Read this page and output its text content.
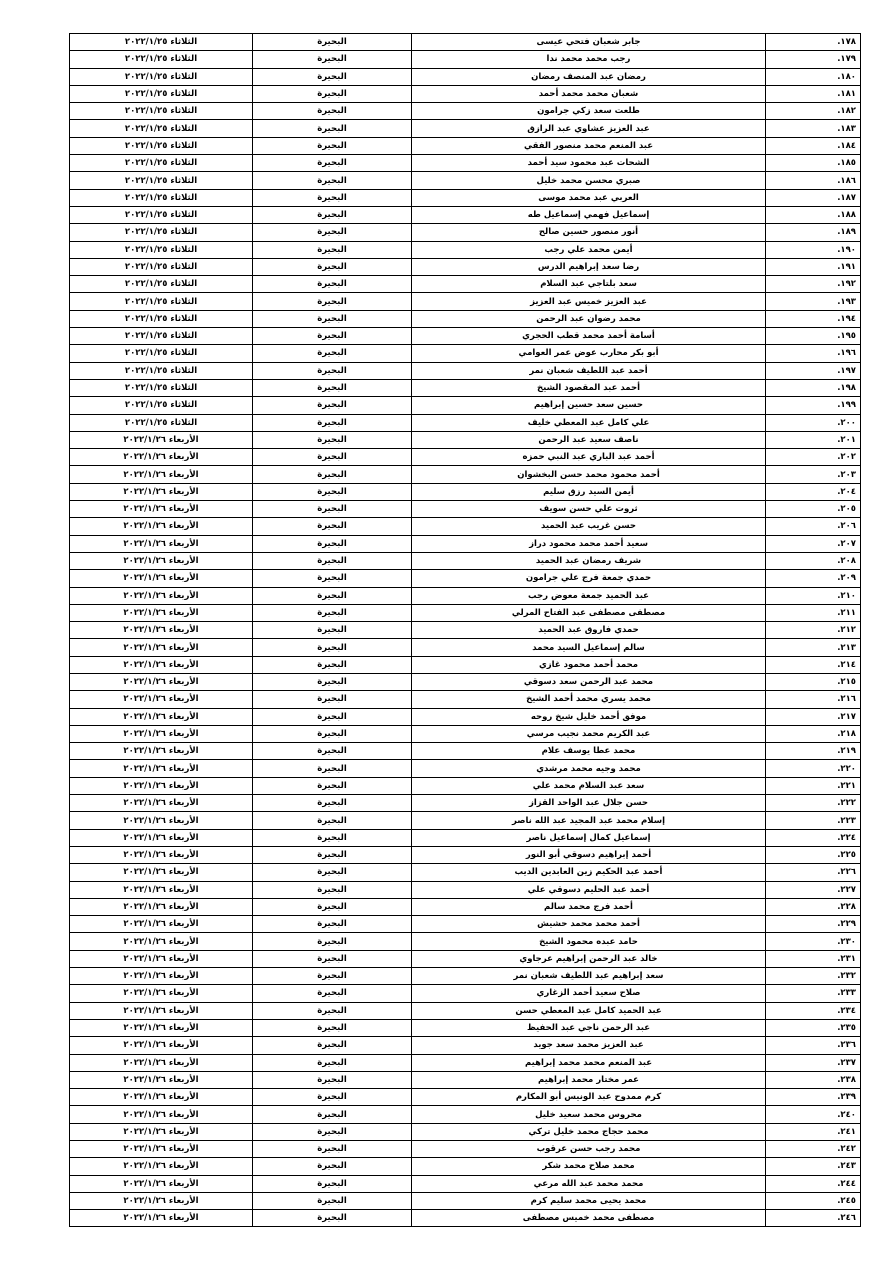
١٧٨.	جابر شعبان فتحي عيسى	البحيرة	الثلاثاء ٢٠٢٢/١/٢٥
١٧٩.	رجب محمد محمد ندا	البحيرة	الثلاثاء ٢٠٢٢/١/٢٥
١٨٠.	رمضان عبد المنصف رمضان	البحيرة	الثلاثاء ٢٠٢٢/١/٢٥
١٨١.	شعبان محمد محمد أحمد	البحيرة	الثلاثاء ٢٠٢٢/١/٢٥
١٨٢.	طلعت سعد زكي جرامون	البحيرة	الثلاثاء ٢٠٢٢/١/٢٥
١٨٣.	عبد العزيز عشاوي عبد الرازق	البحيرة	الثلاثاء ٢٠٢٢/١/٢٥
١٨٤.	عبد المنعم محمد منصور الفقي	البحيرة	الثلاثاء ٢٠٢٢/١/٢٥
١٨٥.	الشحات عبد محمود سيد أحمد	البحيرة	الثلاثاء ٢٠٢٢/١/٢٥
١٨٦.	صبري محسن محمد خليل	البحيرة	الثلاثاء ٢٠٢٢/١/٢٥
١٨٧.	العربي عبد محمد موسى	البحيرة	الثلاثاء ٢٠٢٢/١/٢٥
١٨٨.	إسماعيل فهمي إسماعيل طه	البحيرة	الثلاثاء ٢٠٢٢/١/٢٥
١٨٩.	أنور منصور حسين صالح	البحيرة	الثلاثاء ٢٠٢٢/١/٢٥
١٩٠.	أيمن محمد علي رجب	البحيرة	الثلاثاء ٢٠٢٢/١/٢٥
١٩١.	رضا سعد إبراهيم الدرس	البحيرة	الثلاثاء ٢٠٢٢/١/٢٥
١٩٢.	سعد بلتاجي عبد السلام	البحيرة	الثلاثاء ٢٠٢٢/١/٢٥
١٩٣.	عبد العزيز خميس عبد العزيز	البحيرة	الثلاثاء ٢٠٢٢/١/٢٥
١٩٤.	محمد رضوان عبد الرحمن	البحيرة	الثلاثاء ٢٠٢٢/١/٢٥
١٩٥.	أسامة أحمد محمد قطب الحجري	البحيرة	الثلاثاء ٢٠٢٢/١/٢٥
١٩٦.	أبو بكر محارب عوض عمر العوامي	البحيرة	الثلاثاء ٢٠٢٢/١/٢٥
١٩٧.	أحمد عبد اللطيف شعبان نمر	البحيرة	الثلاثاء ٢٠٢٢/١/٢٥
١٩٨.	أحمد عبد المقصود الشيخ	البحيرة	الثلاثاء ٢٠٢٢/١/٢٥
١٩٩.	حسين سعد حسين إبراهيم	البحيرة	الثلاثاء ٢٠٢٢/١/٢٥
٢٠٠.	علي كامل عبد المعطي خليف	البحيرة	الثلاثاء ٢٠٢٢/١/٢٥
٢٠١.	ناصف سعيد عبد الرحمن	البحيرة	الأربعاء ٢٠٢٢/١/٢٦
٢٠٢.	أحمد عبد الباري عبد النبي حمزه	البحيرة	الأربعاء ٢٠٢٢/١/٢٦
٢٠٣.	أحمد محمود محمد حسن البخشوان	البحيرة	الأربعاء ٢٠٢٢/١/٢٦
٢٠٤.	أيمن السيد رزق سليم	البحيرة	الأربعاء ٢٠٢٢/١/٢٦
٢٠٥.	ثروت علي حسن سويف	البحيرة	الأربعاء ٢٠٢٢/١/٢٦
٢٠٦.	حسن غريب عبد الحميد	البحيرة	الأربعاء ٢٠٢٢/١/٢٦
٢٠٧.	سعيد أحمد محمد محمود دراز	البحيرة	الأربعاء ٢٠٢٢/١/٢٦
٢٠٨.	شريف رمضان عبد الحميد	البحيرة	الأربعاء ٢٠٢٢/١/٢٦
٢٠٩.	حمدي جمعة فرج علي جرامون	البحيرة	الأربعاء ٢٠٢٢/١/٢٦
٢١٠.	عبد الحميد جمعة معوض رجب	البحيرة	الأربعاء ٢٠٢٢/١/٢٦
٢١١.	مصطفى مصطفى عبد الفتاح المرلي	البحيرة	الأربعاء ٢٠٢٢/١/٢٦
٢١٢.	حمدي فاروق عبد الحميد	البحيرة	الأربعاء ٢٠٢٢/١/٢٦
٢١٣.	سالم إسماعيل السيد محمد	البحيرة	الأربعاء ٢٠٢٢/١/٢٦
٢١٤.	محمد أحمد محمود غازي	البحيرة	الأربعاء ٢٠٢٢/١/٢٦
٢١٥.	محمد عبد الرحمن سعد دسوقي	البحيرة	الأربعاء ٢٠٢٢/١/٢٦
٢١٦.	محمد يسري محمد أحمد الشيخ	البحيرة	الأربعاء ٢٠٢٢/١/٢٦
٢١٧.	موفق أحمد خليل شيخ روحه	البحيرة	الأربعاء ٢٠٢٢/١/٢٦
٢١٨.	عبد الكريم محمد نجيب مرسي	البحيرة	الأربعاء ٢٠٢٢/١/٢٦
٢١٩.	محمد عطا يوسف علام	البحيرة	الأربعاء ٢٠٢٢/١/٢٦
٢٢٠.	محمد وجيه محمد مرشدي	البحيرة	الأربعاء ٢٠٢٢/١/٢٦
٢٢١.	سعد عبد السلام محمد علي	البحيرة	الأربعاء ٢٠٢٢/١/٢٦
٢٢٢.	حسن جلال عبد الواحد القزاز	البحيرة	الأربعاء ٢٠٢٢/١/٢٦
٢٢٣.	إسلام محمد عبد المجيد عبد الله ناصر	البحيرة	الأربعاء ٢٠٢٢/١/٢٦
٢٢٤.	إسماعيل كمال إسماعيل ناصر	البحيرة	الأربعاء ٢٠٢٢/١/٢٦
٢٢٥.	أحمد إبراهيم دسوقي أبو النور	البحيرة	الأربعاء ٢٠٢٢/١/٢٦
٢٢٦.	أحمد عبد الحكيم زين العابدين الديب	البحيرة	الأربعاء ٢٠٢٢/١/٢٦
٢٢٧.	أحمد عبد الحليم دسوقي علي	البحيرة	الأربعاء ٢٠٢٢/١/٢٦
٢٢٨.	أحمد فرج محمد سالم	البحيرة	الأربعاء ٢٠٢٢/١/٢٦
٢٢٩.	أحمد محمد محمد حشيش	البحيرة	الأربعاء ٢٠٢٢/١/٢٦
٢٣٠.	حامد عبده محمود الشيخ	البحيرة	الأربعاء ٢٠٢٢/١/٢٦
٢٣١.	خالد عبد الرحمن إبراهيم عرجاوي	البحيرة	الأربعاء ٢٠٢٢/١/٢٦
٢٣٢.	سعد إبراهيم عبد اللطيف شعبان نمر	البحيرة	الأربعاء ٢٠٢٢/١/٢٦
٢٣٣.	صلاح سعيد أحمد الزغاري	البحيرة	الأربعاء ٢٠٢٢/١/٢٦
٢٣٤.	عبد الحميد كامل عبد المعطي حسن	البحيرة	الأربعاء ٢٠٢٢/١/٢٦
٢٣٥.	عبد الرحمن ناجي عبد الحفيظ	البحيرة	الأربعاء ٢٠٢٢/١/٢٦
٢٣٦.	عبد العزيز محمد سعد جويد	البحيرة	الأربعاء ٢٠٢٢/١/٢٦
٢٣٧.	عبد المنعم محمد محمد إبراهيم	البحيرة	الأربعاء ٢٠٢٢/١/٢٦
٢٣٨.	عمر مختار محمد إبراهيم	البحيرة	الأربعاء ٢٠٢٢/١/٢٦
٢٣٩.	كرم ممدوح عبد الونيس أبو المكارم	البحيرة	الأربعاء ٢٠٢٢/١/٢٦
٢٤٠.	محروس محمد سعيد خليل	البحيرة	الأربعاء ٢٠٢٢/١/٢٦
٢٤١.	محمد حجاج محمد خليل تركي	البحيرة	الأربعاء ٢٠٢٢/١/٢٦
٢٤٢.	محمد رجب حسن عرقوب	البحيرة	الأربعاء ٢٠٢٢/١/٢٦
٢٤٣.	محمد صلاح محمد شكر	البحيرة	الأربعاء ٢٠٢٢/١/٢٦
٢٤٤.	محمد محمد عبد الله مرعي	البحيرة	الأربعاء ٢٠٢٢/١/٢٦
٢٤٥.	محمد يحيى محمد سليم كرم	البحيرة	الأربعاء ٢٠٢٢/١/٢٦
٢٤٦.	مصطفى محمد خميس مصطفى	البحيرة	الأربعاء ٢٠٢٢/١/٢٦
